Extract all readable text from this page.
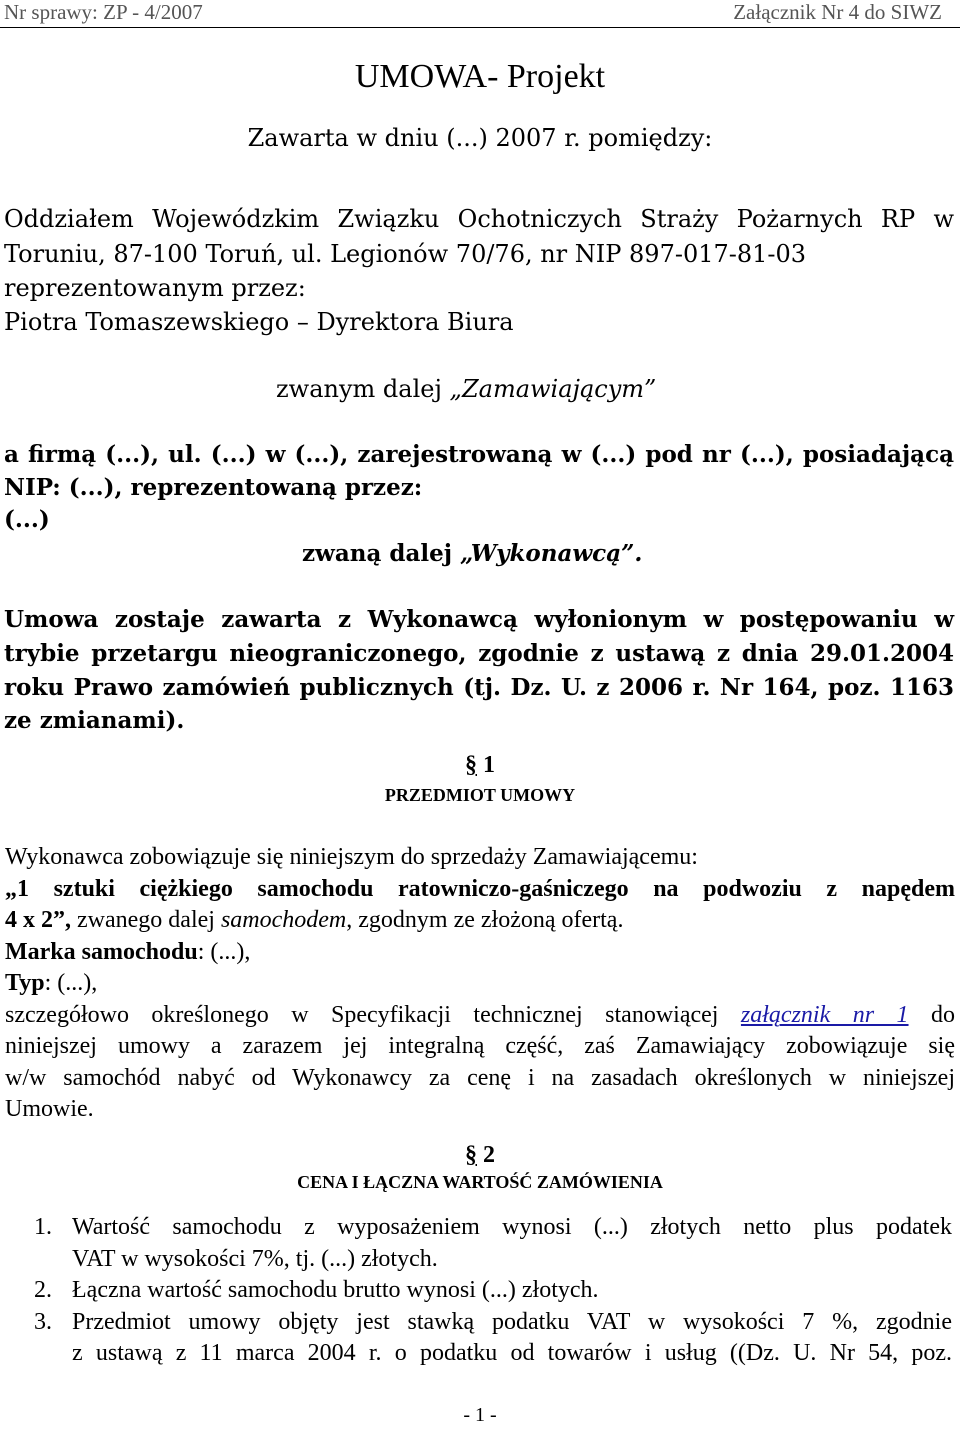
Nr sprawy: ZP - 4/2007	Załącznik Nr 4 do SIWZ
UMOWA- Projekt
Zawarta w dniu (...) 2007 r. pomiędzy:
Oddziałem Wojewódzkim Związku Ochotniczych Straży Pożarnych RP w
Toruniu, 87-100 Toruń, ul. Legionów 70/76, nr NIP 897-017-81-03
reprezentowanym przez:
Piotra Tomaszewskiego – Dyrektora Biura
zwanym dalej „Zamawiającym”
a firmą (...), ul. (...) w (...), zarejestrowaną w (...) pod nr (...), posiadającą
NIP: (...), reprezentowaną przez:
(...)
zwaną dalej „Wykonawcą”.
Umowa zostaje zawarta z Wykonawcą wyłonionym w postępowaniu w
trybie przetargu nieograniczonego, zgodnie z ustawą z dnia 29.01.2004
roku Prawo zamówień publicznych (tj. Dz. U. z 2006 r. Nr 164, poz. 1163
ze zmianami).
§ 1
PRZEDMIOT UMOWY
Wykonawca zobowiązuje się niniejszym do sprzedaży Zamawiającemu:
„1 sztuki ciężkiego samochodu ratowniczo-gaśniczego na podwoziu z napędem
4 x 2”, zwanego dalej samochodem, zgodnym ze złożoną ofertą.
Marka samochodu: (...),
Typ: (...),
szczegółowo określonego w Specyfikacji technicznej stanowiącej załącznik nr 1 do
niniejszej umowy a zarazem jej integralną część, zaś Zamawiający zobowiązuje się
w/w samochód nabyć od Wykonawcy za cenę i na zasadach określonych w niniejszej
Umowie.
§ 2
CENA I ŁĄCZNA WARTOŚĆ ZAMÓWIENIA
1. Wartość samochodu z wyposażeniem wynosi (...) złotych netto plus podatek
VAT w wysokości 7%, tj. (...) złotych.
2. Łączna wartość samochodu brutto wynosi (...) złotych.
3. Przedmiot umowy objęty jest stawką podatku VAT w wysokości 7 %, zgodnie
z ustawą z 11 marca 2004 r. o podatku od towarów i usług ((Dz. U. Nr 54, poz.
- 1 -
